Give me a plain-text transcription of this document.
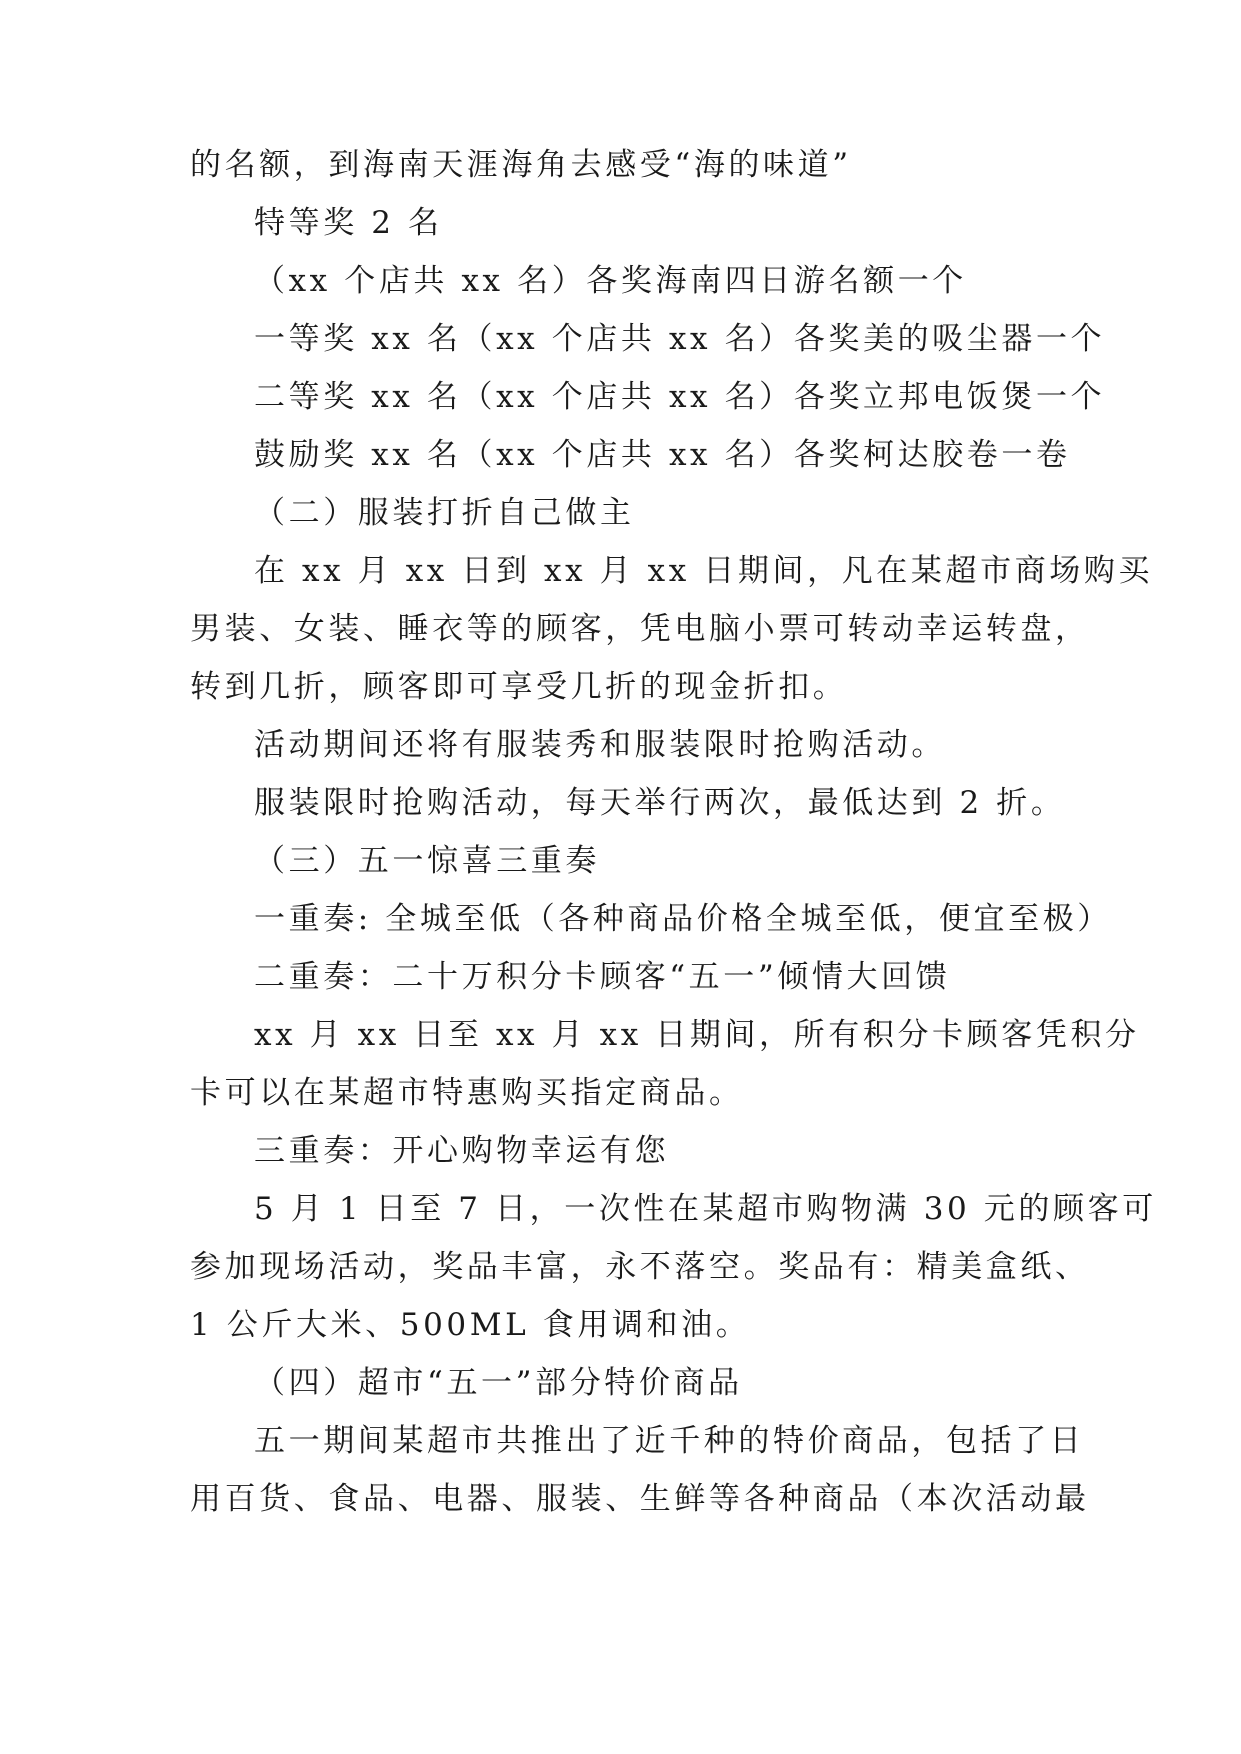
的名额，到海南天涯海角去感受“海的味道”
特等奖 2 名
（xx 个店共 xx 名）各奖海南四日游名额一个
一等奖 xx 名（xx 个店共 xx 名）各奖美的吸尘器一个
二等奖 xx 名（xx 个店共 xx 名）各奖立邦电饭煲一个
鼓励奖 xx 名（xx 个店共 xx 名）各奖柯达胶卷一卷
（二）服装打折自己做主
在 xx 月 xx 日到 xx 月 xx 日期间，凡在某超市商场购买
男装、女装、睡衣等的顾客，凭电脑小票可转动幸运转盘，
转到几折，顾客即可享受几折的现金折扣。
活动期间还将有服装秀和服装限时抢购活动。
服装限时抢购活动，每天举行两次，最低达到 2 折。
（三）五一惊喜三重奏
一重奏: 全城至低（各种商品价格全城至低，便宜至极）
二重奏：二十万积分卡顾客“五一”倾情大回馈
xx 月 xx 日至 xx 月 xx 日期间，所有积分卡顾客凭积分
卡可以在某超市特惠购买指定商品。
三重奏：开心购物幸运有您
5 月 1 日至 7 日，一次性在某超市购物满 30 元的顾客可
参加现场活动，奖品丰富，永不落空。奖品有：精美盒纸、
1 公斤大米、500ML 食用调和油。
（四）超市“五一”部分特价商品
五一期间某超市共推出了近千种的特价商品，包括了日
用百货、食品、电器、服装、生鲜等各种商品（本次活动最
